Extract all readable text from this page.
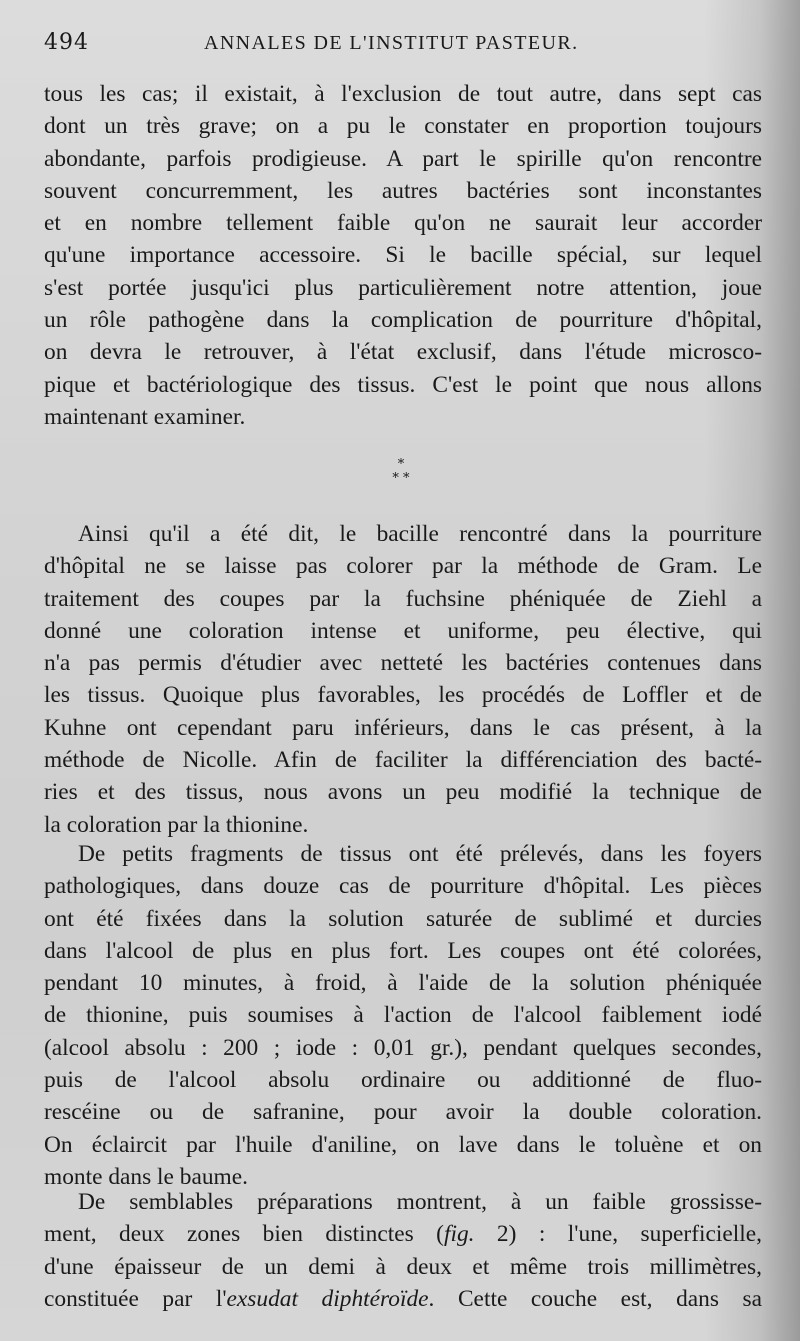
494	ANNALES DE L'INSTITUT PASTEUR.
tous les cas; il existait, à l'exclusion de tout autre, dans sept cas
dont un très grave; on a pu le constater en proportion toujours
abondante, parfois prodigieuse. A part le spirille qu'on rencontre
souvent concurremment, les autres bactéries sont inconstantes
et en nombre tellement faible qu'on ne saurait leur accorder
qu'une importance accessoire. Si le bacille spécial, sur lequel
s'est portée jusqu'ici plus particulièrement notre attention, joue
un rôle pathogène dans la complication de pourriture d'hôpital,
on devra le retrouver, à l'état exclusif, dans l'étude microsco-
pique et bactériologique des tissus. C'est le point que nous allons
maintenant examiner.
*
* *
Ainsi qu'il a été dit, le bacille rencontré dans la pourriture
d'hôpital ne se laisse pas colorer par la méthode de Gram. Le
traitement des coupes par la fuchsine phéniquée de Ziehl a
donné une coloration intense et uniforme, peu élective, qui
n'a pas permis d'étudier avec netteté les bactéries contenues dans
les tissus. Quoique plus favorables, les procédés de Loffler et de
Kuhne ont cependant paru inférieurs, dans le cas présent, à la
méthode de Nicolle. Afin de faciliter la différenciation des bacté-
ries et des tissus, nous avons un peu modifié la technique de
la coloration par la thionine.
De petits fragments de tissus ont été prélevés, dans les foyers
pathologiques, dans douze cas de pourriture d'hôpital. Les pièces
ont été fixées dans la solution saturée de sublimé et durcies
dans l'alcool de plus en plus fort. Les coupes ont été colorées,
pendant 10 minutes, à froid, à l'aide de la solution phéniquée
de thionine, puis soumises à l'action de l'alcool faiblement iodé
(alcool absolu : 200 ; iode : 0,01 gr.), pendant quelques secondes,
puis de l'alcool absolu ordinaire ou additionné de fluo-
rescéine ou de safranine, pour avoir la double coloration.
On éclaircit par l'huile d'aniline, on lave dans le toluène et on
monte dans le baume.
De semblables préparations montrent, à un faible grossisse-
ment, deux zones bien distinctes (fig. 2) : l'une, superficielle,
d'une épaisseur de un demi à deux et même trois millimètres,
constituée par l'exsudat diphtéroïde. Cette couche est, dans sa
